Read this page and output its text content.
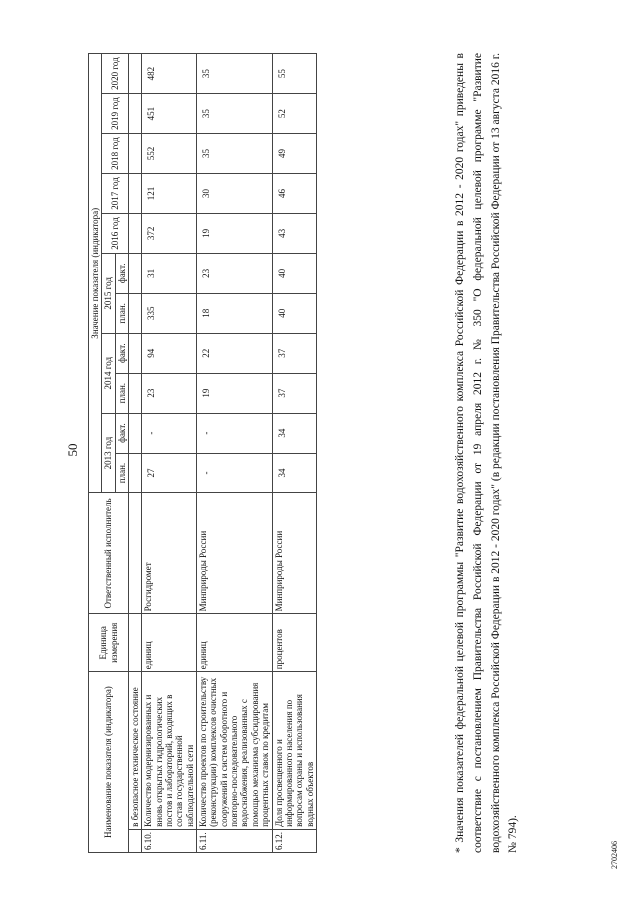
50
Наименование показателя (индикатора)		Единица измерения	Ответственный исполнитель	Значение показателя (индикатора)										
				2013 год		2014 год		2015 год		2016 год	2017 год	2018 год	2019 год	2020 год
				план.	факт.	план.	факт.	план.	факт.					
	в безопасное техническое состояние													
6.10.	Количество модернизированных и вновь открытых гидрологических постов и лабораторий, входящих в состав государственной наблюдательной сети	единиц	Росгидромет	27	-	23	94	335	31	372	121	552	451	482
6.11.	Количество проектов по строительству (реконструкции) комплексов очистных сооружений и систем оборотного и повторно-последовательного водоснабжения, реализованных с помощью механизма субсидирования процентных ставок по кредитам	единиц	Минприроды России	-	-	19	22	18	23	19	30	35	35	35
6.12.	Доля просвещенного и информированного населения по вопросам охраны и использования водных объектов	процентов	Минприроды России	34	34	37	37	40	40	43	46	49	52	55	* Значения показателей федеральной целевой программы "Развитие водохозяйственного комплекса Российской Федерации в 2012 - 2020 годах" приведены в соответствие с постановлением Правительства Российской Федерации от 19 апреля 2012 г. № 350 "О федеральной целевой программе "Развитие водохозяйственного комплекса Российской Федерации в 2012 - 2020 годах" (в редакции постановления Правительства Российской Федерации от 13 августа 2016 г. № 794).
2702406
